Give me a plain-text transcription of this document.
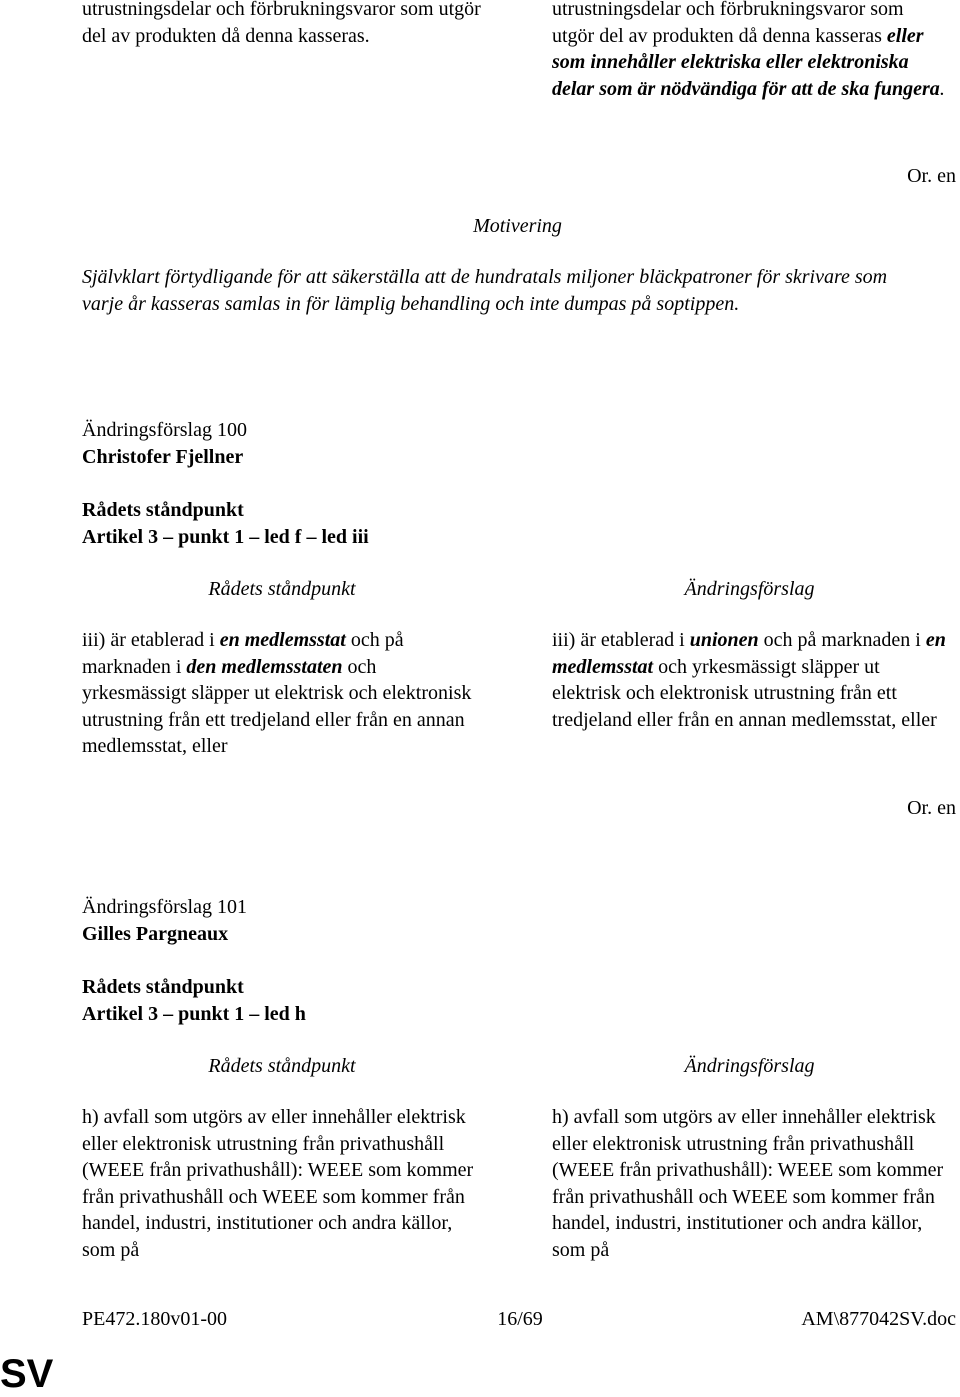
utrustningsdelar och förbrukningsvaror som utgör del av produkten då denna kasseras.
utrustningsdelar och förbrukningsvaror som utgör del av produkten då denna kasseras eller som innehåller elektriska eller elektroniska delar som är nödvändiga för att de ska fungera.
Or. en
Motivering
Självklart förtydligande för att säkerställa att de hundratals miljoner bläckpatroner för skrivare som varje år kasseras samlas in för lämplig behandling och inte dumpas på soptippen.
Ändringsförslag 100
Christofer Fjellner
Rådets ståndpunkt
Artikel 3 – punkt 1 – led f – led iii
Rådets ståndpunkt	Ändringsförslag
iii) är etablerad i en medlemsstat och på marknaden i den medlemsstaten och yrkesmässigt släpper ut elektrisk och elektronisk utrustning från ett tredjeland eller från en annan medlemsstat, eller
iii) är etablerad i unionen och på marknaden i en medlemsstat och yrkesmässigt släpper ut elektrisk och elektronisk utrustning från ett tredjeland eller från en annan medlemsstat, eller
Or. en
Ändringsförslag 101
Gilles Pargneaux
Rådets ståndpunkt
Artikel 3 – punkt 1 – led h
Rådets ståndpunkt	Ändringsförslag
h) avfall som utgörs av eller innehåller elektrisk eller elektronisk utrustning från privathushåll (WEEE från privathushåll): WEEE som kommer från privathushåll och WEEE som kommer från handel, industri, institutioner och andra källor, som på
h) avfall som utgörs av eller innehåller elektrisk eller elektronisk utrustning från privathushåll (WEEE från privathushåll): WEEE som kommer från privathushåll och WEEE som kommer från handel, industri, institutioner och andra källor, som på
PE472.180v01-00	16/69	AM\877042SV.doc
SV
